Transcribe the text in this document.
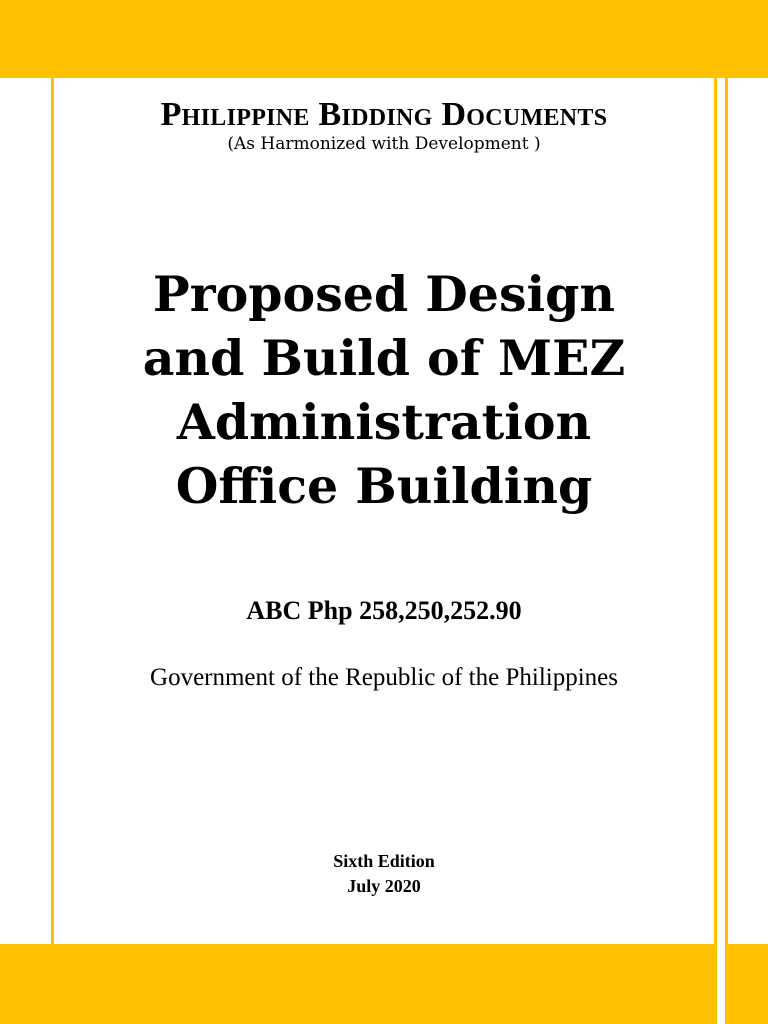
Philippine Bidding Documents

(As Harmonized with Development )

Proposed Design
and Build of MEZ
Administration
Office Building

ABC Php 258,250,252.90

Government of the Republic of the Philippines

Sixth Edition

July 2020
